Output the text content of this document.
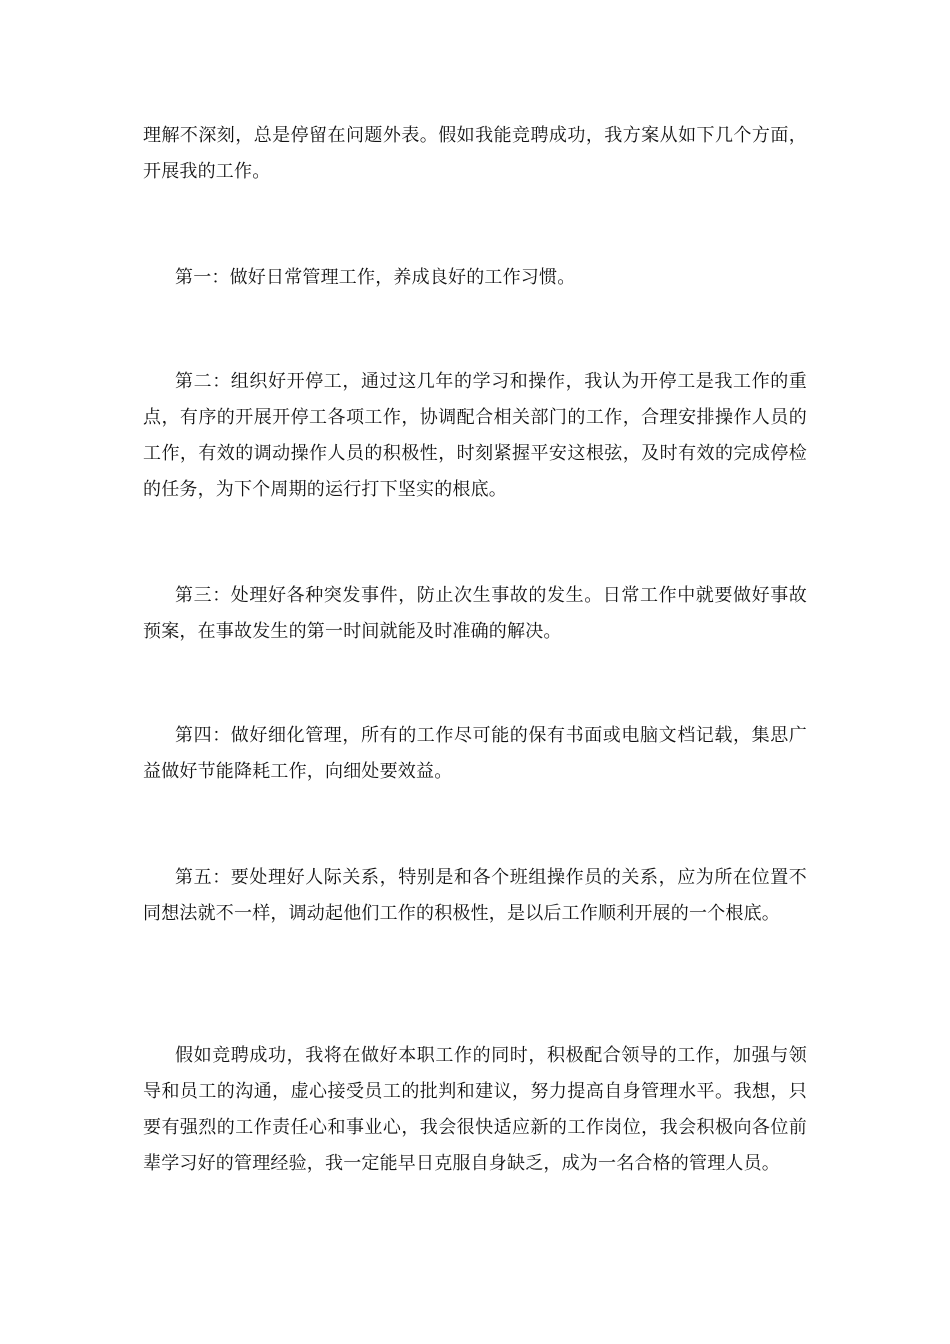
理解不深刻，总是停留在问题外表。假如我能竞聘成功，我方案从如下几个方面，开展我的工作。

第一：做好日常管理工作，养成良好的工作习惯。

第二：组织好开停工，通过这几年的学习和操作，我认为开停工是我工作的重点，有序的开展开停工各项工作，协调配合相关部门的工作，合理安排操作人员的工作，有效的调动操作人员的积极性，时刻紧握平安这根弦，及时有效的完成停检的任务，为下个周期的运行打下坚实的根底。

第三：处理好各种突发事件，防止次生事故的发生。日常工作中就要做好事故预案，在事故发生的第一时间就能及时准确的解决。

第四：做好细化管理，所有的工作尽可能的保有书面或电脑文档记载，集思广益做好节能降耗工作，向细处要效益。

第五：要处理好人际关系，特别是和各个班组操作员的关系，应为所在位置不同想法就不一样，调动起他们工作的积极性，是以后工作顺利开展的一个根底。

假如竞聘成功，我将在做好本职工作的同时，积极配合领导的工作，加强与领导和员工的沟通，虚心接受员工的批判和建议，努力提高自身管理水平。我想，只要有强烈的工作责任心和事业心，我会很快适应新的工作岗位，我会积极向各位前辈学习好的管理经验，我一定能早日克服自身缺乏，成为一名合格的管理人员。
